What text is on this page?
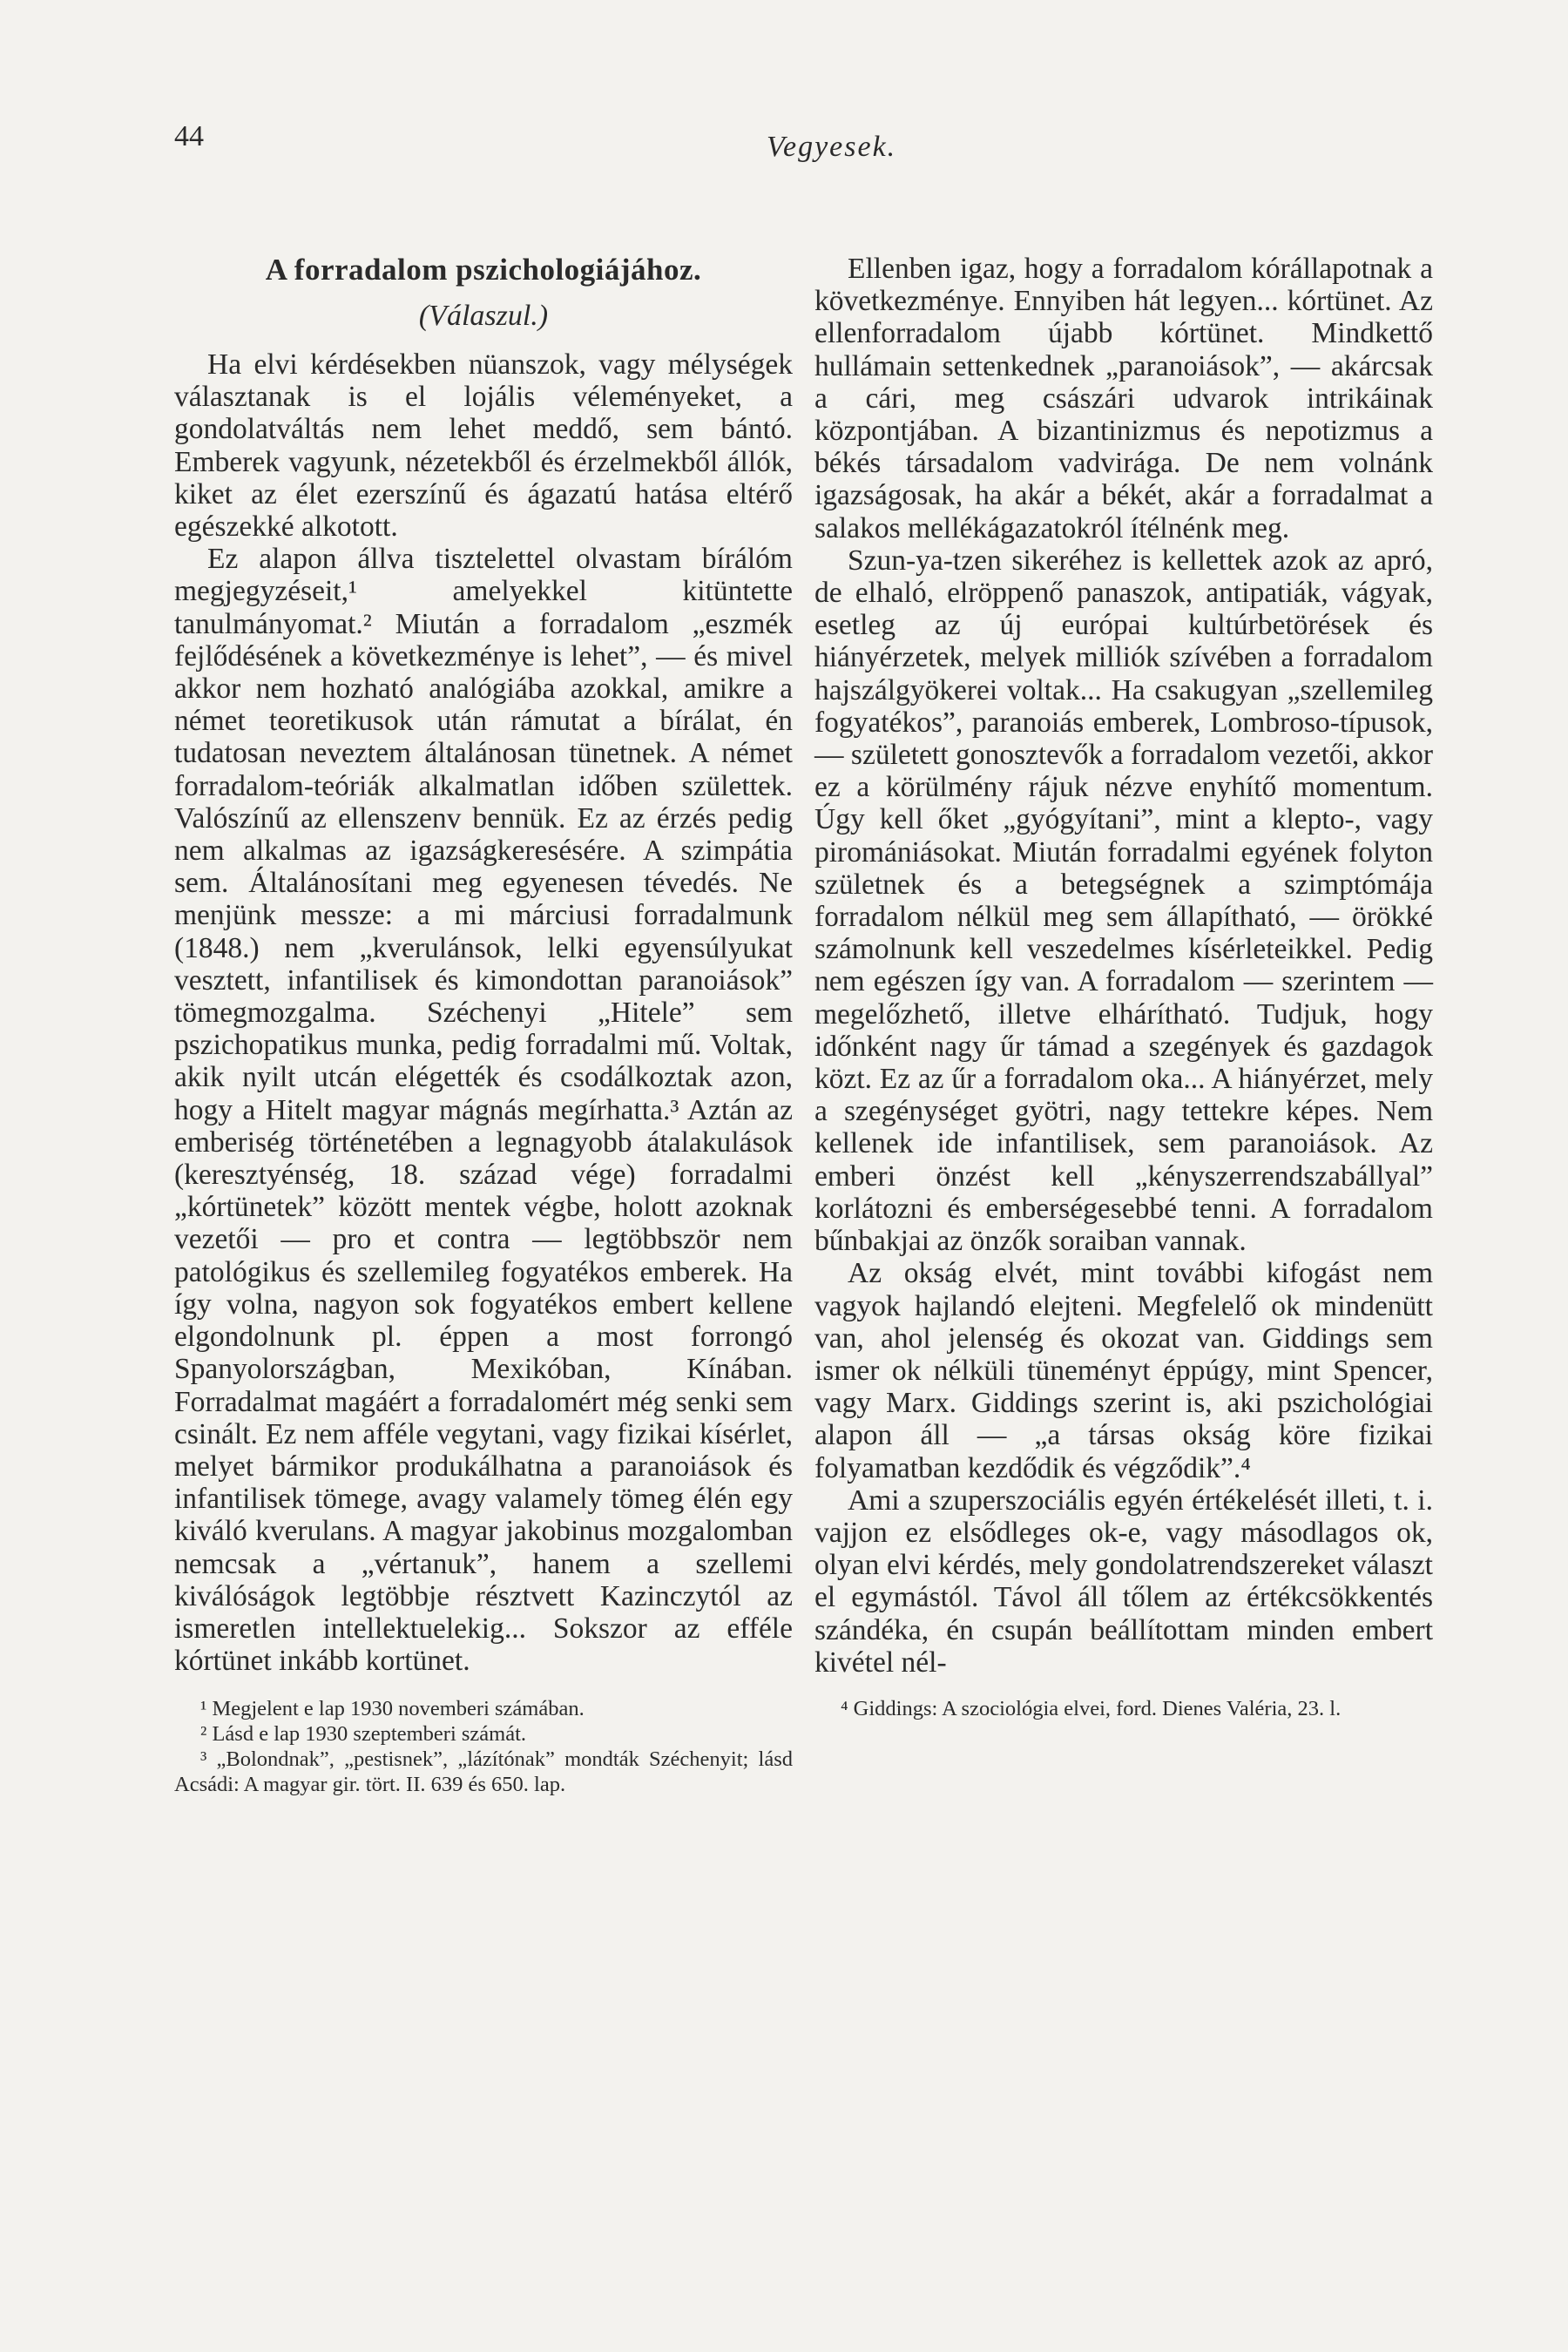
44	Vegyesek.
A forradalom pszichologiájához.
(Válaszul.)

Ha elvi kérdésekben nüanszok, vagy mélységek választanak is el lojális véleményeket, a gondolatváltás nem lehet meddő, sem bántó. Emberek vagyunk, nézetekből és érzelmekből állók, kiket az élet ezerszínű és ágazatú hatása eltérő egészekké alkotott.

Ez alapon állva tisztelettel olvastam bírálóm megjegyzéseit,¹ amelyekkel kitüntette tanulmányomat.² Miután a forradalom „eszmék fejlődésének a következménye is lehet”, — és mivel akkor nem hozható analógiába azokkal, amikre a német teoretikusok után rámutat a bírálat, én tudatosan neveztem általánosan tünetnek. A német forradalom-teóriák alkalmatlan időben születtek. Valószínű az ellenszenv bennük. Ez az érzés pedig nem alkalmas az igazságkeresésére. A szimpátia sem. Általánosítani meg egyenesen tévedés. Ne menjünk messze: a mi márciusi forradalmunk (1848.) nem „kverulánsok, lelki egyensúlyukat vesztett, infantilisek és kimondottan paranoiások” tömegmozgalma. Széchenyi „Hitele” sem pszichopatikus munka, pedig forradalmi mű. Voltak, akik nyilt utcán elégették és csodálkoztak azon, hogy a Hitelt magyar mágnás megírhatta.³ Aztán az emberiség történetében a legnagyobb átalakulások (keresztyénség, 18. század vége) forradalmi „kórtünetek” között mentek végbe, holott azoknak vezetői — pro et contra — legtöbbször nem patológikus és szellemileg fogyatékos emberek. Ha így volna, nagyon sok fogyatékos embert kellene elgondolnunk pl. éppen a most forrongó Spanyolországban, Mexikóban, Kínában. Forradalmat magáért a forradalomért még senki sem csinált. Ez nem afféle vegytani, vagy fizikai kísérlet, melyet bármikor produkálhatna a paranoiások és infantilisek tömege, avagy valamely tömeg élén egy kiváló kverulans. A magyar jakobinus mozgalomban nemcsak a „vértanuk”, hanem a szellemi kiválóságok legtöbbje résztvett Kazinczytól az ismeretlen intellektuelekig... Sokszor az efféle kórtünet inkább kortünet.

¹ Megjelent e lap 1930 novemberi számában.

² Lásd e lap 1930 szeptemberi számát.

³ „Bolondnak”, „pestisnek”, „lázítónak” mondták Széchenyit; lásd Acsádi: A magyar gir. tört. II. 639 és 650. lap.

Ellenben igaz, hogy a forradalom kórállapotnak a következménye. Ennyiben hát legyen... kórtünet. Az ellenforradalom újabb kórtünet. Mindkettő hullámain settenkednek „paranoiások”, — akárcsak a cári, meg császári udvarok intrikáinak központjában. A bizantinizmus és nepotizmus a békés társadalom vadvirága. De nem volnánk igazságosak, ha akár a békét, akár a forradalmat a salakos mellékágazatokról ítélnénk meg.

Szun-ya-tzen sikeréhez is kellettek azok az apró, de elhaló, elröppenő panaszok, antipatiák, vágyak, esetleg az új európai kultúrbetörések és hiányérzetek, melyek milliók szívében a forradalom hajszálgyökerei voltak... Ha csakugyan „szellemileg fogyatékos”, paranoiás emberek, Lombroso-típusok, — született gonosztevők a forradalom vezetői, akkor ez a körülmény rájuk nézve enyhítő momentum. Úgy kell őket „gyógyítani”, mint a klepto-, vagy piromániásokat. Miután forradalmi egyének folyton születnek és a betegségnek a szimptómája forradalom nélkül meg sem állapítható, — örökké számolnunk kell veszedelmes kísérleteikkel. Pedig nem egészen így van. A forradalom — szerintem — megelőzhető, illetve elhárítható. Tudjuk, hogy időnként nagy űr támad a szegények és gazdagok közt. Ez az űr a forradalom oka... A hiányérzet, mely a szegénységet gyötri, nagy tettekre képes. Nem kellenek ide infantilisek, sem paranoiások. Az emberi önzést kell „kényszerrendszabállyal” korlátozni és emberségesebbé tenni. A forradalom bűnbakjai az önzők soraiban vannak.

Az okság elvét, mint további kifogást nem vagyok hajlandó elejteni. Megfelelő ok mindenütt van, ahol jelenség és okozat van. Giddings sem ismer ok nélküli tüneményt éppúgy, mint Spencer, vagy Marx. Giddings szerint is, aki pszichológiai alapon áll — „a társas okság köre fizikai folyamatban kezdődik és végződik”.⁴

Ami a szuperszociális egyén értékelését illeti, t. i. vajjon ez elsődleges ok-e, vagy másodlagos ok, olyan elvi kérdés, mely gondolatrendszereket választ el egymástól. Távol áll tőlem az értékcsökkentés szándéka, én csupán beállítottam minden embert kivétel nél-

⁴ Giddings: A szociológia elvei, ford. Dienes Valéria, 23. l.
